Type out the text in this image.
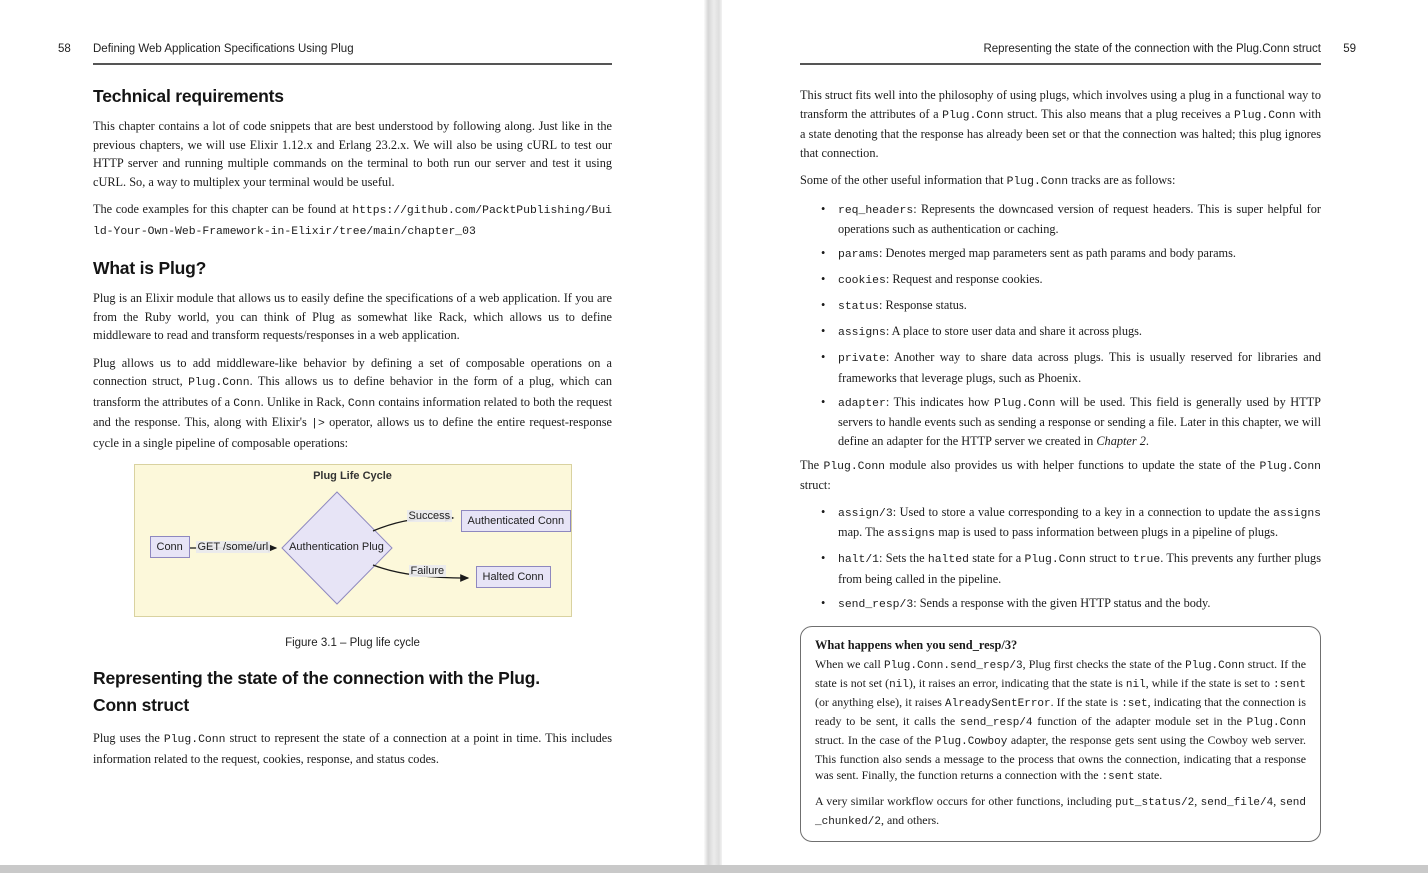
58 Defining Web Application Specifications Using Plug
Technical requirements

This chapter contains a lot of code snippets that are best understood by following along. Just like in the previous chapters, we will use Elixir 1.12.x and Erlang 23.2.x. We will also be using cURL to test our HTTP server and running multiple commands on the terminal to both run our server and test it using cURL. So, a way to multiplex your terminal would be useful.

The code examples for this chapter can be found at https://github.com/PacktPublishing/Build-Your-Own-Web-Framework-in-Elixir/tree/main/chapter_03

What is Plug?

Plug is an Elixir module that allows us to easily define the specifications of a web application. If you are from the Ruby world, you can think of Plug as somewhat like Rack, which allows us to define middleware to read and transform requests/responses in a web application.

Plug allows us to add middleware-like behavior by defining a set of composable operations on a connection struct, Plug.Conn. This allows us to define behavior in the form of a plug, which can transform the attributes of a Conn. Unlike in Rack, Conn contains information related to both the request and the response. This, along with Elixir's |> operator, allows us to define the entire request-response cycle in a single pipeline of composable operations:

Plug Life Cycle
Conn	Authentication Plug
Authenticated Conn
Halted Conn
GET /some/url
Success
Failure
Figure 3.1 – Plug life cycle
Representing the state of the connection with the Plug.
Conn struct

Plug uses the Plug.Conn struct to represent the state of a connection at a point in time. This includes information related to the request, cookies, response, and status codes.

Representing the state of the connection with the Plug.Conn struct 59

This struct fits well into the philosophy of using plugs, which involves using a plug in a functional way to transform the attributes of a Plug.Conn struct. This also means that a plug receives a Plug.Conn with a state denoting that the response has already been set or that the connection was halted; this plug ignores that connection.

Some of the other useful information that Plug.Conn tracks are as follows:

•	req_headers: Represents the downcased version of request headers. This is super helpful for operations such as authentication or caching.
•	params: Denotes merged map parameters sent as path params and body params.
•	cookies: Request and response cookies.
•	status: Response status.
•	assigns: A place to store user data and share it across plugs.
•	private: Another way to share data across plugs. This is usually reserved for libraries and frameworks that leverage plugs, such as Phoenix.
•	adapter: This indicates how Plug.Conn will be used. This field is generally used by HTTP servers to handle events such as sending a response or sending a file. Later in this chapter, we will define an adapter for the HTTP server we created in Chapter 2.

The Plug.Conn module also provides us with helper functions to update the state of the Plug.Conn struct:

•	assign/3: Used to store a value corresponding to a key in a connection to update the assigns map. The assigns map is used to pass information between plugs in a pipeline of plugs.
•	halt/1: Sets the halted state for a Plug.Conn struct to true. This prevents any further plugs from being called in the pipeline.
•	send_resp/3: Sends a response with the given HTTP status and the body.

What happens when you send_resp/3?

When we call Plug.Conn.send_resp/3, Plug first checks the state of the Plug.Conn struct. If the state is not set (nil), it raises an error, indicating that the state is nil, while if the state is set to :sent (or anything else), it raises AlreadySentError. If the state is :set, indicating that the connection is ready to be sent, it calls the send_resp/4 function of the adapter module set in the Plug.Conn struct. In the case of the Plug.Cowboy adapter, the response gets sent using the Cowboy web server. This function also sends a message to the process that owns the connection, indicating that a response was sent. Finally, the function returns a connection with the :sent state.

A very similar workflow occurs for other functions, including put_status/2, send_file/4, send_chunked/2, and others.
